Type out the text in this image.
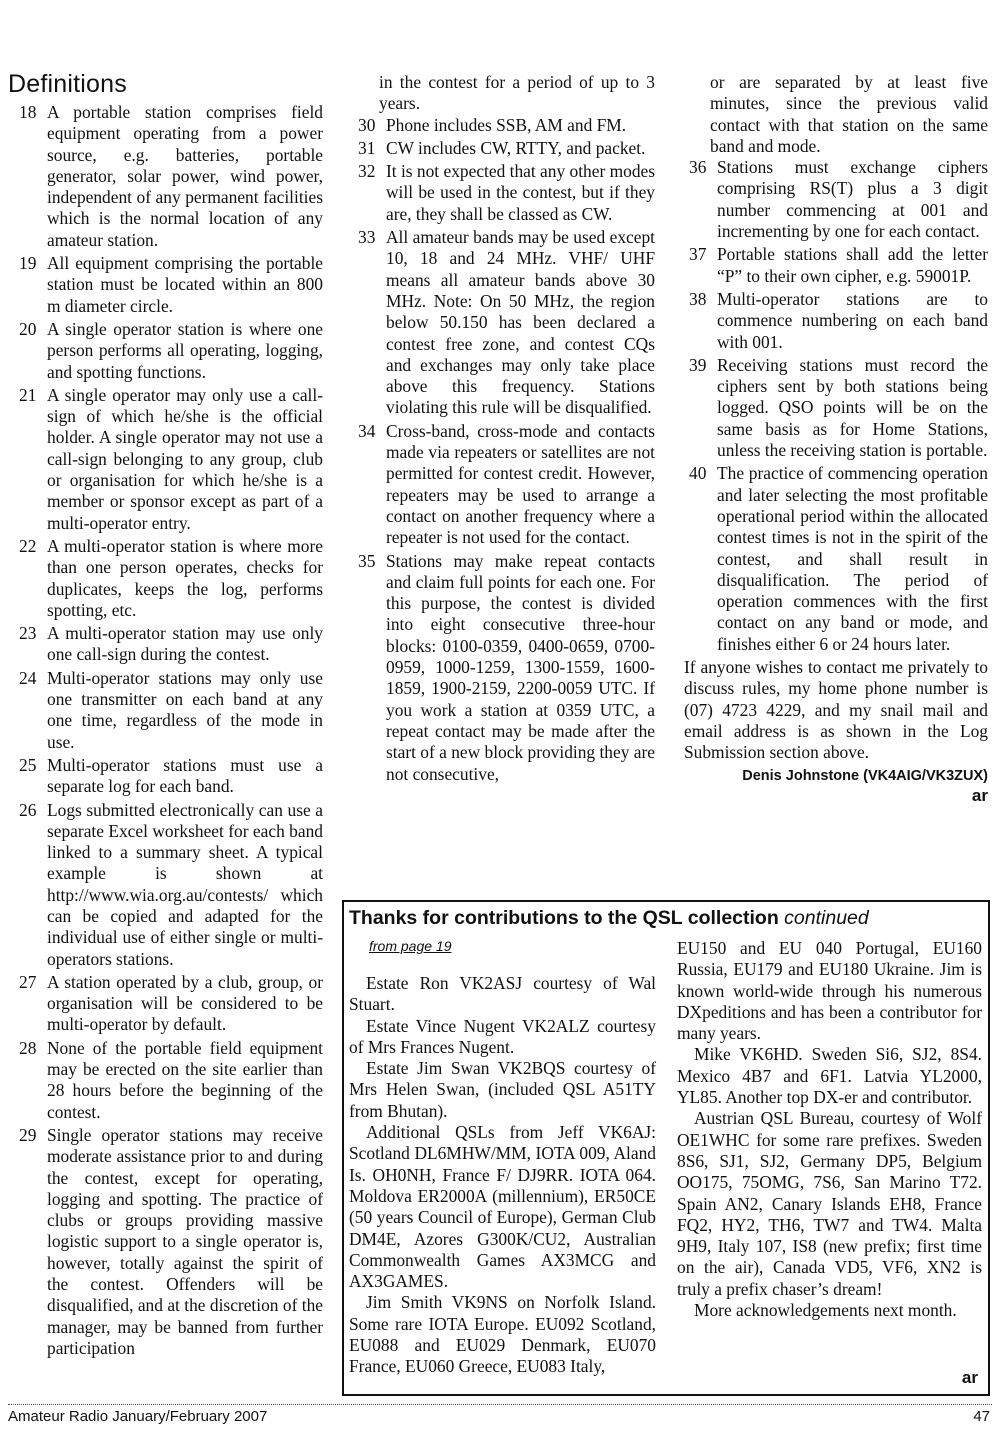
Definitions
18 A portable station comprises field equipment operating from a power source, e.g. batteries, portable generator, solar power, wind power, independent of any permanent facilities which is the normal location of any amateur station.
19 All equipment comprising the portable station must be located within an 800 m diameter circle.
20 A single operator station is where one person performs all operating, logging, and spotting functions.
21 A single operator may only use a call-sign of which he/she is the official holder. A single operator may not use a call-sign belonging to any group, club or organisation for which he/she is a member or sponsor except as part of a multi-operator entry.
22 A multi-operator station is where more than one person operates, checks for duplicates, keeps the log, performs spotting, etc.
23 A multi-operator station may use only one call-sign during the contest.
24 Multi-operator stations may only use one transmitter on each band at any one time, regardless of the mode in use.
25 Multi-operator stations must use a separate log for each band.
26 Logs submitted electronically can use a separate Excel worksheet for each band linked to a summary sheet. A typical example is shown at http://www.wia.org.au/contests/ which can be copied and adapted for the individual use of either single or multi-operators stations.
27 A station operated by a club, group, or organisation will be considered to be multi-operator by default.
28 None of the portable field equipment may be erected on the site earlier than 28 hours before the beginning of the contest.
29 Single operator stations may receive moderate assistance prior to and during the contest, except for operating, logging and spotting. The practice of clubs or groups providing massive logistic support to a single operator is, however, totally against the spirit of the contest. Offenders will be disqualified, and at the discretion of the manager, may be banned from further participation
in the contest for a period of up to 3 years.
30 Phone includes SSB, AM and FM.
31 CW includes CW, RTTY, and packet.
32 It is not expected that any other modes will be used in the contest, but if they are, they shall be classed as CW.
33 All amateur bands may be used except 10, 18 and 24 MHz. VHF/ UHF means all amateur bands above 30 MHz. Note: On 50 MHz, the region below 50.150 has been declared a contest free zone, and contest CQs and exchanges may only take place above this frequency. Stations violating this rule will be disqualified.
34 Cross-band, cross-mode and contacts made via repeaters or satellites are not permitted for contest credit. However, repeaters may be used to arrange a contact on another frequency where a repeater is not used for the contact.
35 Stations may make repeat contacts and claim full points for each one. For this purpose, the contest is divided into eight consecutive three-hour blocks: 0100-0359, 0400-0659, 0700-0959, 1000-1259, 1300-1559, 1600-1859, 1900-2159, 2200-0059 UTC. If you work a station at 0359 UTC, a repeat contact may be made after the start of a new block providing they are not consecutive,
or are separated by at least five minutes, since the previous valid contact with that station on the same band and mode.
36 Stations must exchange ciphers comprising RS(T) plus a 3 digit number commencing at 001 and incrementing by one for each contact.
37 Portable stations shall add the letter “P” to their own cipher, e.g. 59001P.
38 Multi-operator stations are to commence numbering on each band with 001.
39 Receiving stations must record the ciphers sent by both stations being logged. QSO points will be on the same basis as for Home Stations, unless the receiving station is portable.
40 The practice of commencing operation and later selecting the most profitable operational period within the allocated contest times is not in the spirit of the contest, and shall result in disqualification. The period of operation commences with the first contact on any band or mode, and finishes either 6 or 24 hours later.
If anyone wishes to contact me privately to discuss rules, my home phone number is (07) 4723 4229, and my snail mail and email address is as shown in the Log Submission section above.
Denis Johnstone (VK4AIG/VK3ZUX)
ar
Thanks for contributions to the QSL collection continued
from page 19
Estate Ron VK2ASJ courtesy of Wal Stuart.
Estate Vince Nugent VK2ALZ courtesy of Mrs Frances Nugent.
Estate Jim Swan VK2BQS courtesy of Mrs Helen Swan, (included QSL A51TY from Bhutan).
Additional QSLs from Jeff VK6AJ: Scotland DL6MHW/MM, IOTA 009, Aland Is. OH0NH, France F/ DJ9RR. IOTA 064. Moldova ER2000A (millennium), ER50CE (50 years Council of Europe), German Club DM4E, Azores G300K/CU2, Australian Commonwealth Games AX3MCG and AX3GAMES.
Jim Smith VK9NS on Norfolk Island. Some rare IOTA Europe. EU092 Scotland, EU088 and EU029 Denmark, EU070 France, EU060 Greece, EU083 Italy,
EU150 and EU 040 Portugal, EU160 Russia, EU179 and EU180 Ukraine. Jim is known world-wide through his numerous DXpeditions and has been a contributor for many years.
Mike VK6HD. Sweden Si6, SJ2, 8S4. Mexico 4B7 and 6F1. Latvia YL2000, YL85. Another top DX-er and contributor.
Austrian QSL Bureau, courtesy of Wolf OE1WHC for some rare prefixes. Sweden 8S6, SJ1, SJ2, Germany DP5, Belgium OO175, 75OMG, 7S6, San Marino T72. Spain AN2, Canary Islands EH8, France FQ2, HY2, TH6, TW7 and TW4. Malta 9H9, Italy 107, IS8 (new prefix; first time on the air), Canada VD5, VF6, XN2 is truly a prefix chaser’s dream!
More acknowledgements next month.
ar
Amateur Radio January/February 2007	47
